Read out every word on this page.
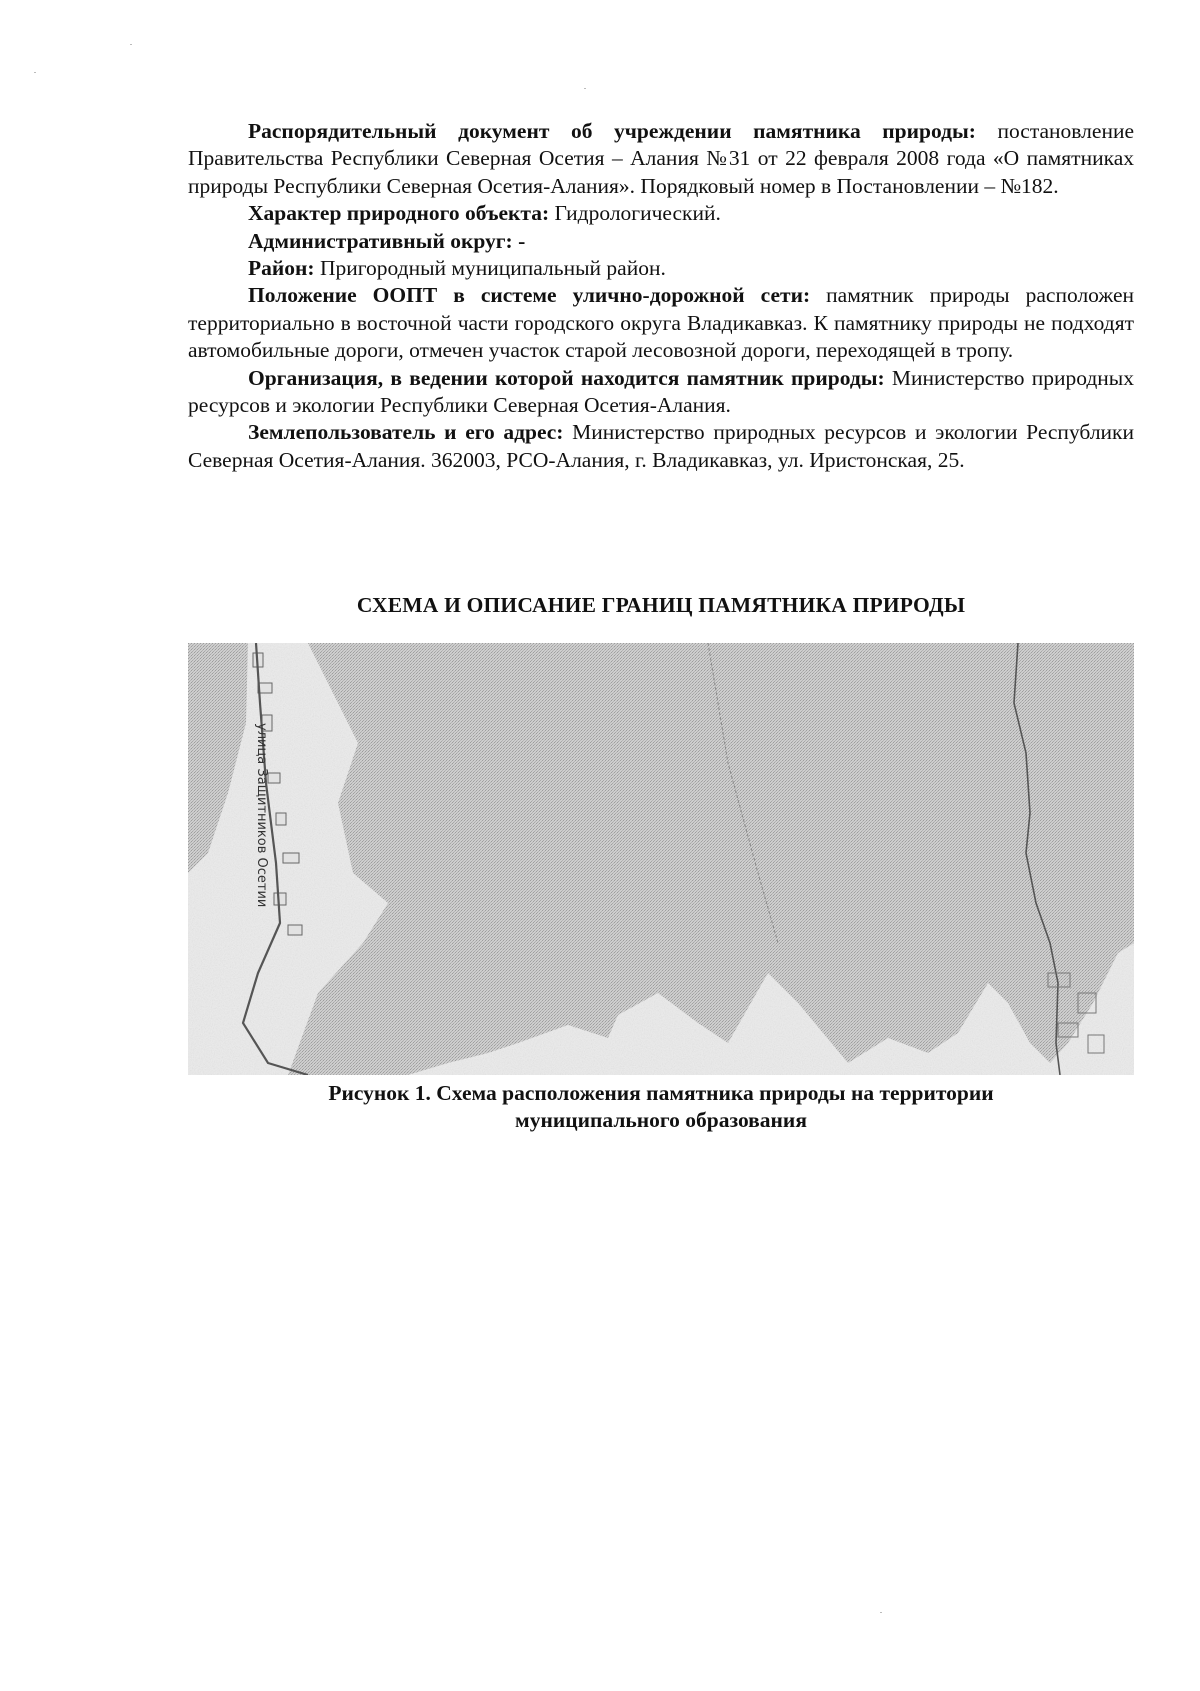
Распорядительный документ об учреждении памятника природы: постановление Правительства Республики Северная Осетия – Алания №31 от 22 февраля 2008 года «О памятниках природы Республики Северная Осетия-Алания». Порядковый номер в Постановлении – №182.

Характер природного объекта: Гидрологический.

Административный округ: -

Район: Пригородный муниципальный район.

Положение ООПТ в системе улично-дорожной сети: памятник природы расположен территориально в восточной части городского округа Владикавказ. К памятнику природы не подходят автомобильные дороги, отмечен участок старой лесовозной дороги, переходящей в тропу.

Организация, в ведении которой находится памятник природы: Министерство природных ресурсов и экологии Республики Северная Осетия-Алания.

Землепользователь и его адрес: Министерство природных ресурсов и экологии Республики Северная Осетия-Алания. 362003, РСО-Алания, г. Владикавказ, ул. Иристонская, 25.

СХЕМА И ОПИСАНИЕ ГРАНИЦ ПАМЯТНИКА ПРИРОДЫ
улица Защитников Осетии
Рисунок 1. Схема расположения памятника природы на территории
муниципального образования
